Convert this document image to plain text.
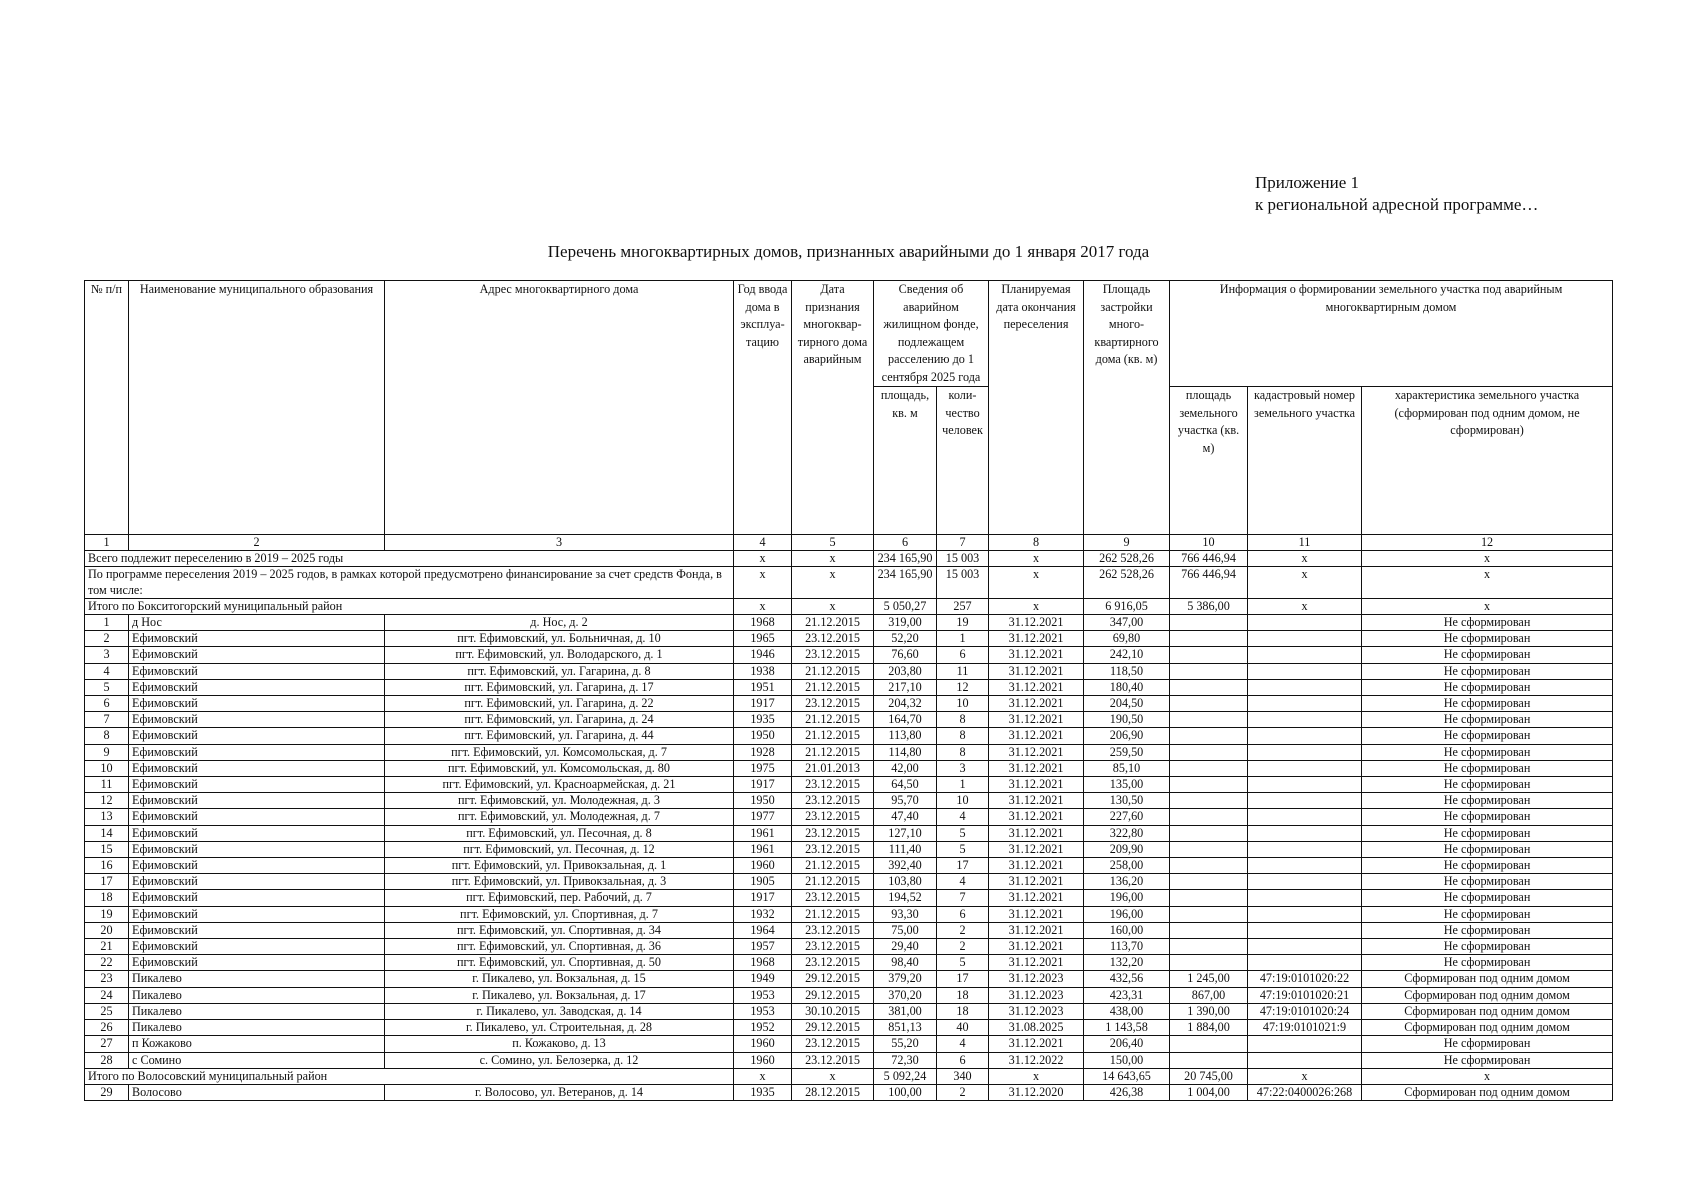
Приложение 1
к региональной адресной программе…
Перечень многоквартирных домов, признанных аварийными до 1 января 2017 года
№ п/п	Наименование муниципального образования	Адрес многоквартирного дома	Год ввода дома в эксплуа-тацию	Дата признания многоквар-тирного дома аварийным	Сведения об аварийном жилищном фонде, подлежащем расселению до 1 сентября 2025 года		Планируемая дата окончания переселения	Площадь застройки много-квартирного дома (кв. м)	Информация о формировании земельного участка под аварийным многоквартирным домом		
					площадь, кв. м	коли-чество человек			площадь земельного участка (кв. м)	кадастровый номер земельного участка	характеристика земельного участка (сформирован под одним домом, не сформирован)
1	2	3	4	5	6	7	8	9	10	11	12
Всего подлежит переселению в 2019 – 2025 годы			x	x	234 165,90	15 003	x	262 528,26	766 446,94	x	x
По программе переселения 2019 – 2025 годов, в рамках которой предусмотрено финансирование за счет средств Фонда, в том числе:			x	x	234 165,90	15 003	x	262 528,26	766 446,94	x	x
Итого по Бокситогорский муниципальный район			x	x	5 050,27	257	x	6 916,05	5 386,00	x	x
1	д Нос	д. Нос, д. 2	1968	21.12.2015	319,00	19	31.12.2021	347,00			Не сформирован
2	Ефимовский	пгт. Ефимовский, ул. Больничная, д. 10	1965	23.12.2015	52,20	1	31.12.2021	69,80			Не сформирован
3	Ефимовский	пгт. Ефимовский, ул. Володарского, д. 1	1946	23.12.2015	76,60	6	31.12.2021	242,10			Не сформирован
4	Ефимовский	пгт. Ефимовский, ул. Гагарина, д. 8	1938	21.12.2015	203,80	11	31.12.2021	118,50			Не сформирован
5	Ефимовский	пгт. Ефимовский, ул. Гагарина, д. 17	1951	21.12.2015	217,10	12	31.12.2021	180,40			Не сформирован
6	Ефимовский	пгт. Ефимовский, ул. Гагарина, д. 22	1917	23.12.2015	204,32	10	31.12.2021	204,50			Не сформирован
7	Ефимовский	пгт. Ефимовский, ул. Гагарина, д. 24	1935	21.12.2015	164,70	8	31.12.2021	190,50			Не сформирован
8	Ефимовский	пгт. Ефимовский, ул. Гагарина, д. 44	1950	21.12.2015	113,80	8	31.12.2021	206,90			Не сформирован
9	Ефимовский	пгт. Ефимовский, ул. Комсомольская, д. 7	1928	21.12.2015	114,80	8	31.12.2021	259,50			Не сформирован
10	Ефимовский	пгт. Ефимовский, ул. Комсомольская, д. 80	1975	21.01.2013	42,00	3	31.12.2021	85,10			Не сформирован
11	Ефимовский	пгт. Ефимовский, ул. Красноармейская, д. 21	1917	23.12.2015	64,50	1	31.12.2021	135,00			Не сформирован
12	Ефимовский	пгт. Ефимовский, ул. Молодежная, д. 3	1950	23.12.2015	95,70	10	31.12.2021	130,50			Не сформирован
13	Ефимовский	пгт. Ефимовский, ул. Молодежная, д. 7	1977	23.12.2015	47,40	4	31.12.2021	227,60			Не сформирован
14	Ефимовский	пгт. Ефимовский, ул. Песочная, д. 8	1961	23.12.2015	127,10	5	31.12.2021	322,80			Не сформирован
15	Ефимовский	пгт. Ефимовский, ул. Песочная, д. 12	1961	23.12.2015	111,40	5	31.12.2021	209,90			Не сформирован
16	Ефимовский	пгт. Ефимовский, ул. Привокзальная, д. 1	1960	21.12.2015	392,40	17	31.12.2021	258,00			Не сформирован
17	Ефимовский	пгт. Ефимовский, ул. Привокзальная, д. 3	1905	21.12.2015	103,80	4	31.12.2021	136,20			Не сформирован
18	Ефимовский	пгт. Ефимовский, пер. Рабочий, д. 7	1917	23.12.2015	194,52	7	31.12.2021	196,00			Не сформирован
19	Ефимовский	пгт. Ефимовский, ул. Спортивная, д. 7	1932	21.12.2015	93,30	6	31.12.2021	196,00			Не сформирован
20	Ефимовский	пгт. Ефимовский, ул. Спортивная, д. 34	1964	23.12.2015	75,00	2	31.12.2021	160,00			Не сформирован
21	Ефимовский	пгт. Ефимовский, ул. Спортивная, д. 36	1957	23.12.2015	29,40	2	31.12.2021	113,70			Не сформирован
22	Ефимовский	пгт. Ефимовский, ул. Спортивная, д. 50	1968	23.12.2015	98,40	5	31.12.2021	132,20			Не сформирован
23	Пикалево	г. Пикалево, ул. Вокзальная, д. 15	1949	29.12.2015	379,20	17	31.12.2023	432,56	1 245,00	47:19:0101020:22	Сформирован под одним домом
24	Пикалево	г. Пикалево, ул. Вокзальная, д. 17	1953	29.12.2015	370,20	18	31.12.2023	423,31	867,00	47:19:0101020:21	Сформирован под одним домом
25	Пикалево	г. Пикалево, ул. Заводская, д. 14	1953	30.10.2015	381,00	18	31.12.2023	438,00	1 390,00	47:19:0101020:24	Сформирован под одним домом
26	Пикалево	г. Пикалево, ул. Строительная, д. 28	1952	29.12.2015	851,13	40	31.08.2025	1 143,58	1 884,00	47:19:0101021:9	Сформирован под одним домом
27	п Кожаково	п. Кожаково, д. 13	1960	23.12.2015	55,20	4	31.12.2021	206,40			Не сформирован
28	с Сомино	с. Сомино, ул. Белозерка, д. 12	1960	23.12.2015	72,30	6	31.12.2022	150,00			Не сформирован
Итого по Волосовский муниципальный район			x	x	5 092,24	340	x	14 643,65	20 745,00	x	x
29	Волосово	г. Волосово, ул. Ветеранов, д. 14	1935	28.12.2015	100,00	2	31.12.2020	426,38	1 004,00	47:22:0400026:268	Сформирован под одним домом
